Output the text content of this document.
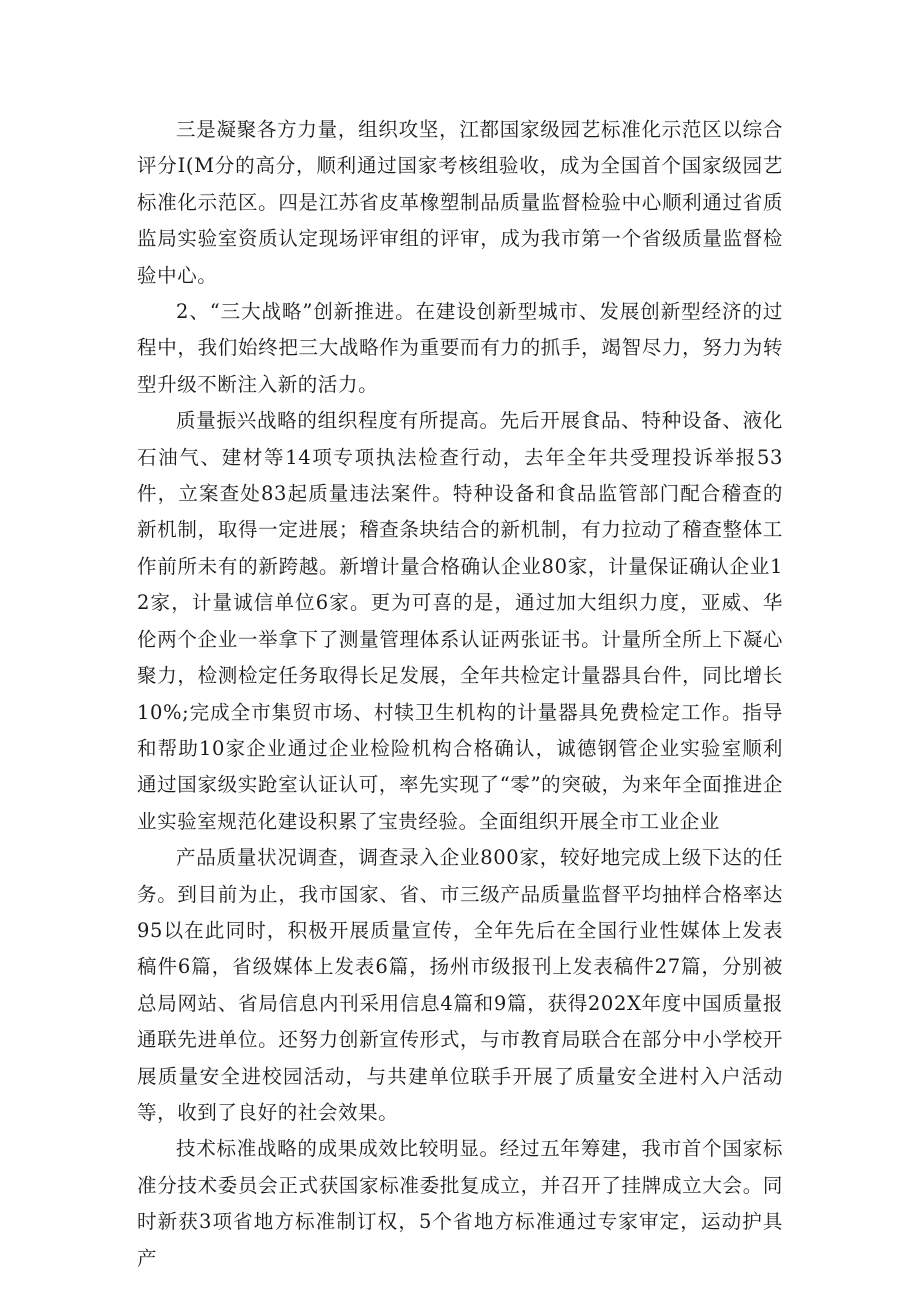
三是凝聚各方力量，组织攻坚，江都国家级园艺标准化示范区以综合评分I(M分的高分，顺利通过国家考核组验收，成为全国首个国家级园艺标准化示范区。四是江苏省皮革橡塑制品质量监督检验中心顺利通过省质监局实验室资质认定现场评审组的评审，成为我市第一个省级质量监督检验中心。

2、“三大战略”创新推进。在建设创新型城市、发展创新型经济的过程中，我们始终把三大战略作为重要而有力的抓手，竭智尽力，努力为转型升级不断注入新的活力。

质量振兴战略的组织程度有所提高。先后开展食品、特种设备、液化石油气、建材等14项专项执法检查行动，去年全年共受理投诉举报53件，立案查处83起质量违法案件。特种设备和食品监管部门配合稽查的新机制，取得一定进展；稽查条块结合的新机制，有力拉动了稽查整体工作前所未有的新跨越。新增计量合格确认企业80家，计量保证确认企业12家，计量诚信单位6家。更为可喜的是，通过加大组织力度，亚威、华伦两个企业一举拿下了测量管理体系认证两张证书。计量所全所上下凝心聚力，检测检定任务取得长足发展，全年共检定计量器具台件，同比增长10%;完成全市集贸市场、村犊卫生机构的计量器具免费检定工作。指导和帮助10家企业通过企业检险机构合格确认，诚德钢管企业实验室顺利通过国家级实跄室认证认可，率先实现了“零”的突破，为来年全面推进企业实验室规范化建设积累了宝贵经验。全面组织开展全市工业企业

产品质量状况调查，调查录入企业800家，较好地完成上级下达的任务。到目前为止，我市国家、省、市三级产品质量监督平均抽样合格率达95以在此同时，积极开展质量宣传，全年先后在全国行业性媒体上发表稿件6篇，省级媒体上发表6篇，扬州市级报刊上发表稿件27篇，分别被总局网站、省局信息内刊采用信息4篇和9篇，获得202X年度中国质量报通联先进单位。还努力创新宣传形式，与市教育局联合在部分中小学校开展质量安全进校园活动，与共建单位联手开展了质量安全进村入户活动等，收到了良好的社会效果。

技术标准战略的成果成效比较明显。经过五年筹建，我市首个国家标准分技术委员会正式获国家标准委批复成立，并召开了挂牌成立大会。同时新获3项省地方标准制订权，5个省地方标准通过专家审定，运动护具产
